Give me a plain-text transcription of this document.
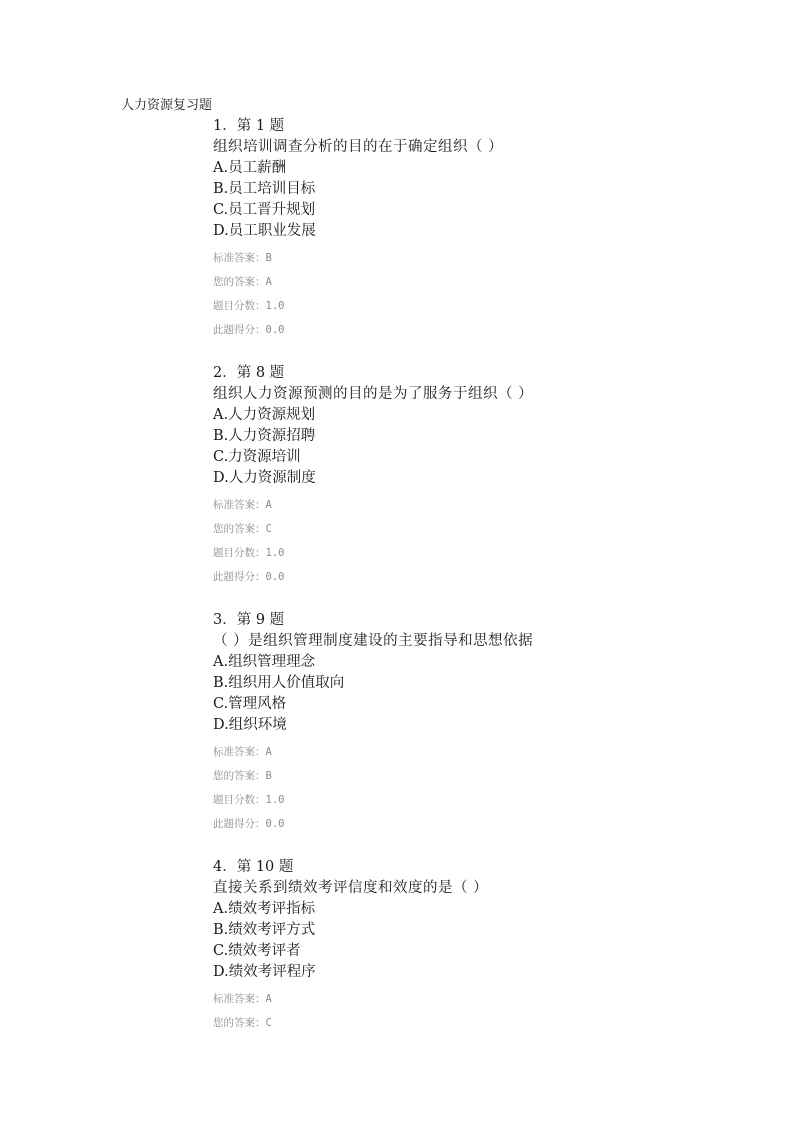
人力资源复习题
1．第 1 题
组织培训调查分析的目的在于确定组织（ ）
A.员工薪酬
B.员工培训目标
C.员工晋升规划
D.员工职业发展
标准答案：B
您的答案：A
题目分数：1.0
此题得分：0.0
2．第 8 题
组织人力资源预测的目的是为了服务于组织（ ）
A.人力资源规划
B.人力资源招聘
C.力资源培训
D.人力资源制度
标准答案：A
您的答案：C
题目分数：1.0
此题得分：0.0
3．第 9 题
（ ）是组织管理制度建设的主要指导和思想依据
A.组织管理理念
B.组织用人价值取向
C.管理风格
D.组织环境
标准答案：A
您的答案：B
题目分数：1.0
此题得分：0.0
4．第 10 题
直接关系到绩效考评信度和效度的是（ ）
A.绩效考评指标
B.绩效考评方式
C.绩效考评者
D.绩效考评程序
标准答案：A
您的答案：C
